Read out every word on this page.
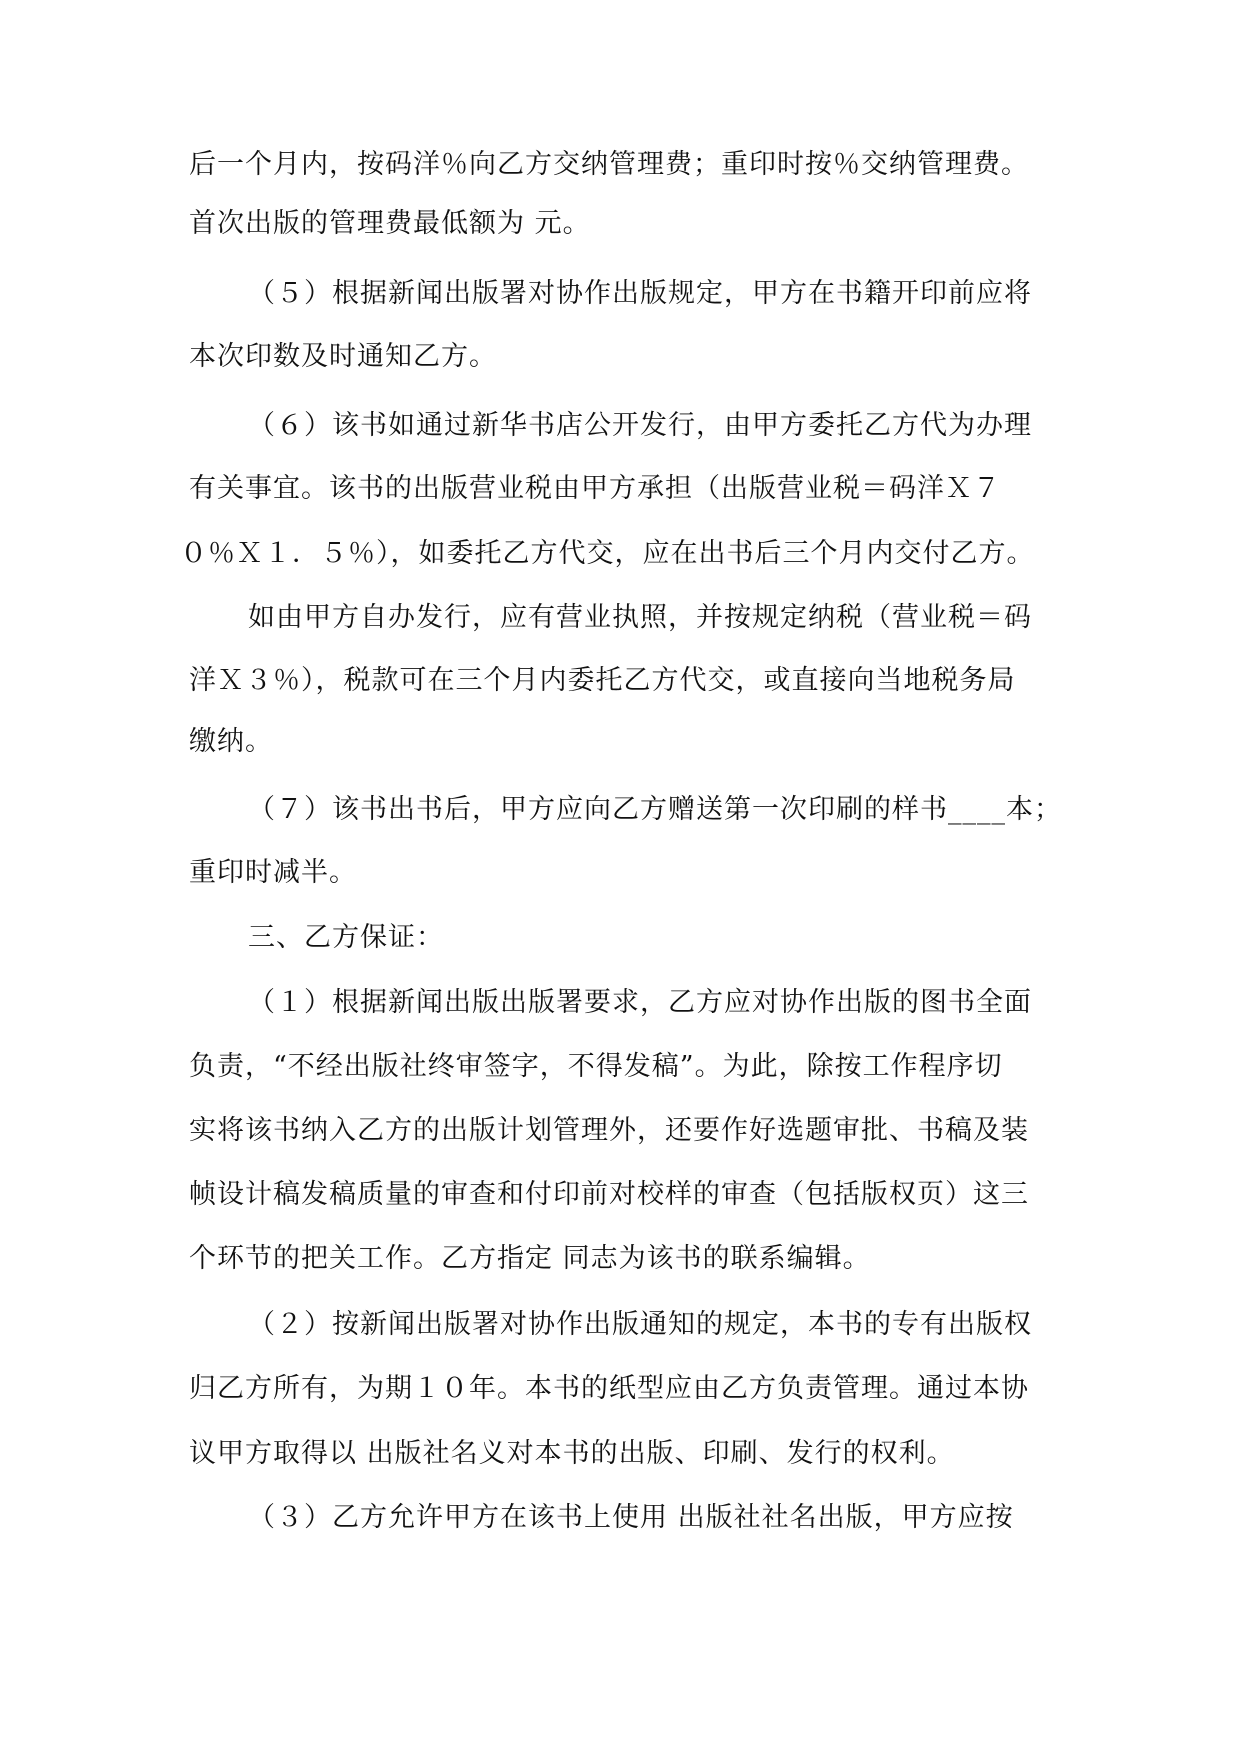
后一个月内，按码洋％向乙方交纳管理费；重印时按％交纳管理费。
首次出版的管理费最低额为 元。
（５）根据新闻出版署对协作出版规定，甲方在书籍开印前应将
本次印数及时通知乙方。
（６）该书如通过新华书店公开发行，由甲方委托乙方代为办理
有关事宜。该书的出版营业税由甲方承担（出版营业税＝码洋Ｘ７
０％Ｘ１．５％），如委托乙方代交，应在出书后三个月内交付乙方。
如由甲方自办发行，应有营业执照，并按规定纳税（营业税＝码
洋Ｘ３％），税款可在三个月内委托乙方代交，或直接向当地税务局
缴纳。
（７）该书出书后，甲方应向乙方赠送第一次印刷的样书____本；
重印时减半。
三、乙方保证：
（１）根据新闻出版出版署要求，乙方应对协作出版的图书全面
负责，“不经出版社终审签字，不得发稿”。为此，除按工作程序切
实将该书纳入乙方的出版计划管理外，还要作好选题审批、书稿及装
帧设计稿发稿质量的审查和付印前对校样的审查（包括版权页）这三
个环节的把关工作。乙方指定 同志为该书的联系编辑。
（２）按新闻出版署对协作出版通知的规定，本书的专有出版权
归乙方所有，为期１０年。本书的纸型应由乙方负责管理。通过本协
议甲方取得以 出版社名义对本书的出版、印刷、发行的权利。
（３）乙方允许甲方在该书上使用 出版社社名出版，甲方应按
